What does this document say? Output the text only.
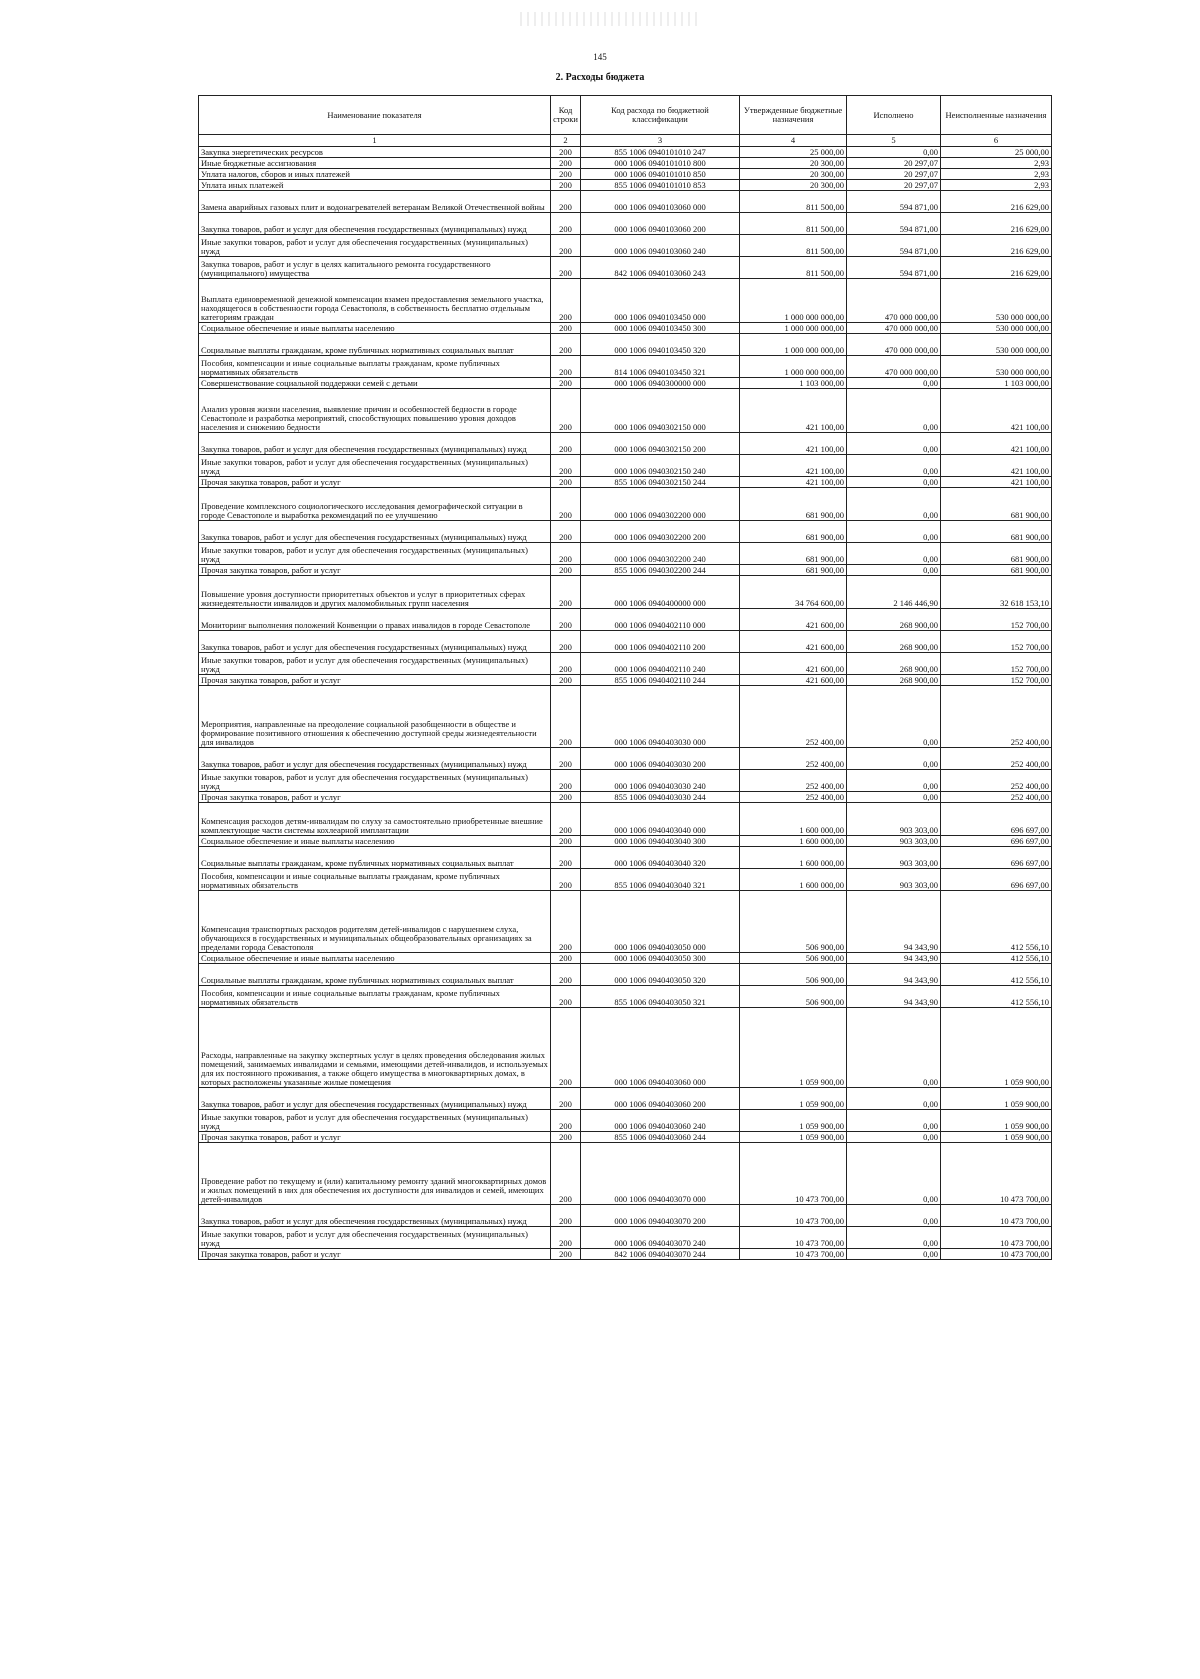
145
2. Расходы бюджета
Наименование показателя	Код строки	Код расхода по бюджетной классификации	Утвержденные бюджетные назначения	Исполнено	Неисполненные назначения
1	2	3	4	5	6
Закупка энергетических ресурсов	200	855 1006 0940101010 247	25 000,00	0,00	25 000,00
Иные бюджетные ассигнования	200	000 1006 0940101010 800	20 300,00	20 297,07	2,93
Уплата налогов, сборов и иных платежей	200	000 1006 0940101010 850	20 300,00	20 297,07	2,93
Уплата иных платежей	200	855 1006 0940101010 853	20 300,00	20 297,07	2,93
Замена аварийных газовых плит и водонагревателей ветеранам Великой Отечественной войны	200	000 1006 0940103060 000	811 500,00	594 871,00	216 629,00
Закупка товаров, работ и услуг для обеспечения государственных (муниципальных) нужд	200	000 1006 0940103060 200	811 500,00	594 871,00	216 629,00
Иные закупки товаров, работ и услуг для обеспечения государственных (муниципальных) нужд	200	000 1006 0940103060 240	811 500,00	594 871,00	216 629,00
Закупка товаров, работ и услуг в целях капитального ремонта государственного (муниципального) имущества	200	842 1006 0940103060 243	811 500,00	594 871,00	216 629,00
Выплата единовременной денежной компенсации взамен предоставления земельного участка, находящегося в собственности города Севастополя, в собственность бесплатно отдельным категориям граждан	200	000 1006 0940103450 000	1 000 000 000,00	470 000 000,00	530 000 000,00
Социальное обеспечение и иные выплаты населению	200	000 1006 0940103450 300	1 000 000 000,00	470 000 000,00	530 000 000,00
Социальные выплаты гражданам, кроме публичных нормативных социальных выплат	200	000 1006 0940103450 320	1 000 000 000,00	470 000 000,00	530 000 000,00
Пособия, компенсации и иные социальные выплаты гражданам, кроме публичных нормативных обязательств	200	814 1006 0940103450 321	1 000 000 000,00	470 000 000,00	530 000 000,00
Совершенствование социальной поддержки семей с детьми	200	000 1006 0940300000 000	1 103 000,00	0,00	1 103 000,00
Анализ уровня жизни населения, выявление причин и особенностей бедности в городе Севастополе и разработка мероприятий, способствующих повышению уровня доходов населения и снижению бедности	200	000 1006 0940302150 000	421 100,00	0,00	421 100,00
Закупка товаров, работ и услуг для обеспечения государственных (муниципальных) нужд	200	000 1006 0940302150 200	421 100,00	0,00	421 100,00
Иные закупки товаров, работ и услуг для обеспечения государственных (муниципальных) нужд	200	000 1006 0940302150 240	421 100,00	0,00	421 100,00
Прочая закупка товаров, работ и услуг	200	855 1006 0940302150 244	421 100,00	0,00	421 100,00
Проведение комплексного социологического исследования демографической ситуации в городе Севастополе и выработка рекомендаций по ее улучшению	200	000 1006 0940302200 000	681 900,00	0,00	681 900,00
Закупка товаров, работ и услуг для обеспечения государственных (муниципальных) нужд	200	000 1006 0940302200 200	681 900,00	0,00	681 900,00
Иные закупки товаров, работ и услуг для обеспечения государственных (муниципальных) нужд	200	000 1006 0940302200 240	681 900,00	0,00	681 900,00
Прочая закупка товаров, работ и услуг	200	855 1006 0940302200 244	681 900,00	0,00	681 900,00
Повышение уровня доступности приоритетных объектов и услуг в приоритетных сферах жизнедеятельности инвалидов и других маломобильных групп населения	200	000 1006 0940400000 000	34 764 600,00	2 146 446,90	32 618 153,10
Мониторинг выполнения положений Конвенции о правах инвалидов в городе Севастополе	200	000 1006 0940402110 000	421 600,00	268 900,00	152 700,00
Закупка товаров, работ и услуг для обеспечения государственных (муниципальных) нужд	200	000 1006 0940402110 200	421 600,00	268 900,00	152 700,00
Иные закупки товаров, работ и услуг для обеспечения государственных (муниципальных) нужд	200	000 1006 0940402110 240	421 600,00	268 900,00	152 700,00
Прочая закупка товаров, работ и услуг	200	855 1006 0940402110 244	421 600,00	268 900,00	152 700,00
Мероприятия, направленные на преодоление социальной разобщенности в обществе и формирование позитивного отношения к обеспечению доступной среды жизнедеятельности для инвалидов	200	000 1006 0940403030 000	252 400,00	0,00	252 400,00
Закупка товаров, работ и услуг для обеспечения государственных (муниципальных) нужд	200	000 1006 0940403030 200	252 400,00	0,00	252 400,00
Иные закупки товаров, работ и услуг для обеспечения государственных (муниципальных) нужд	200	000 1006 0940403030 240	252 400,00	0,00	252 400,00
Прочая закупка товаров, работ и услуг	200	855 1006 0940403030 244	252 400,00	0,00	252 400,00
Компенсация расходов детям-инвалидам по слуху за самостоятельно приобретенные внешние комплектующие части системы кохлеарной имплантации	200	000 1006 0940403040 000	1 600 000,00	903 303,00	696 697,00
Социальное обеспечение и иные выплаты населению	200	000 1006 0940403040 300	1 600 000,00	903 303,00	696 697,00
Социальные выплаты гражданам, кроме публичных нормативных социальных выплат	200	000 1006 0940403040 320	1 600 000,00	903 303,00	696 697,00
Пособия, компенсации и иные социальные выплаты гражданам, кроме публичных нормативных обязательств	200	855 1006 0940403040 321	1 600 000,00	903 303,00	696 697,00
Компенсация транспортных расходов родителям детей-инвалидов с нарушением слуха, обучающихся в государственных и муниципальных общеобразовательных организациях за пределами города Севастополя	200	000 1006 0940403050 000	506 900,00	94 343,90	412 556,10
Социальное обеспечение и иные выплаты населению	200	000 1006 0940403050 300	506 900,00	94 343,90	412 556,10
Социальные выплаты гражданам, кроме публичных нормативных социальных выплат	200	000 1006 0940403050 320	506 900,00	94 343,90	412 556,10
Пособия, компенсации и иные социальные выплаты гражданам, кроме публичных нормативных обязательств	200	855 1006 0940403050 321	506 900,00	94 343,90	412 556,10
Расходы, направленные на закупку экспертных услуг в целях проведения обследования жилых помещений, занимаемых инвалидами и семьями, имеющими детей-инвалидов, и используемых для их постоянного проживания, а также общего имущества в многоквартирных домах, в которых расположены указанные жилые помещения	200	000 1006 0940403060 000	1 059 900,00	0,00	1 059 900,00
Закупка товаров, работ и услуг для обеспечения государственных (муниципальных) нужд	200	000 1006 0940403060 200	1 059 900,00	0,00	1 059 900,00
Иные закупки товаров, работ и услуг для обеспечения государственных (муниципальных) нужд	200	000 1006 0940403060 240	1 059 900,00	0,00	1 059 900,00
Прочая закупка товаров, работ и услуг	200	855 1006 0940403060 244	1 059 900,00	0,00	1 059 900,00
Проведение работ по текущему и (или) капитальному ремонту зданий многоквартирных домов и жилых помещений в них для обеспечения их доступности для инвалидов и семей, имеющих детей-инвалидов	200	000 1006 0940403070 000	10 473 700,00	0,00	10 473 700,00
Закупка товаров, работ и услуг для обеспечения государственных (муниципальных) нужд	200	000 1006 0940403070 200	10 473 700,00	0,00	10 473 700,00
Иные закупки товаров, работ и услуг для обеспечения государственных (муниципальных) нужд	200	000 1006 0940403070 240	10 473 700,00	0,00	10 473 700,00
Прочая закупка товаров, работ и услуг	200	842 1006 0940403070 244	10 473 700,00	0,00	10 473 700,00
